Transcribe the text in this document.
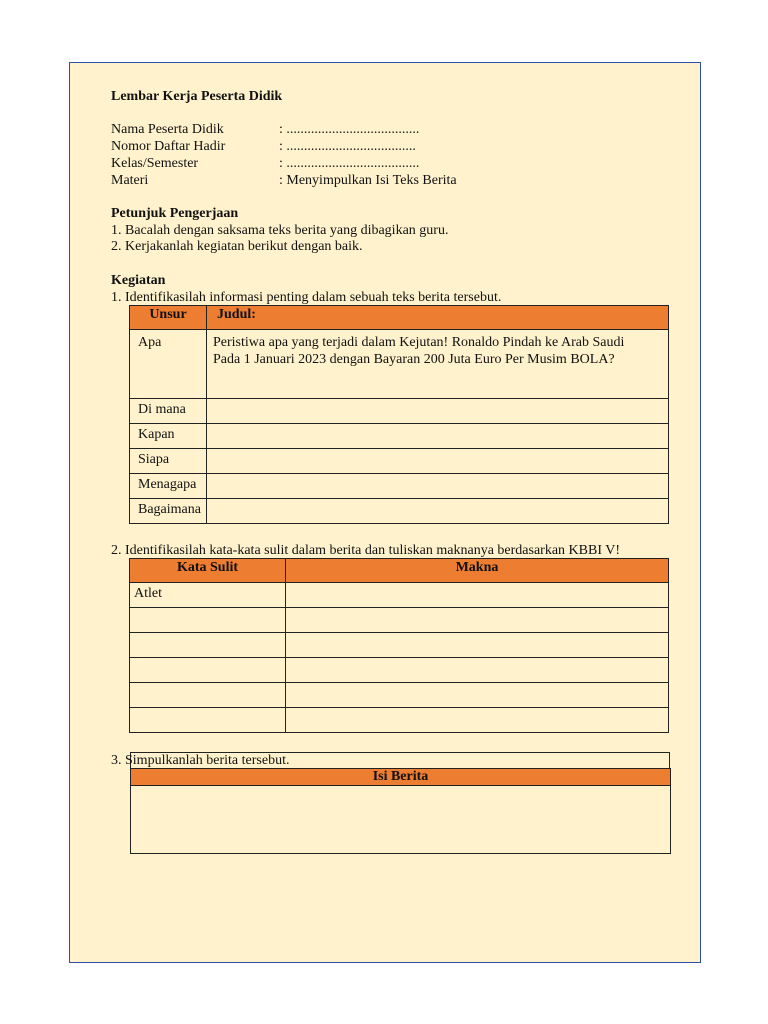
Lembar Kerja Peserta Didik
Nama Peserta Didik	: ......................................
Nomor Daftar Hadir	: .....................................
Kelas/Semester	: ......................................
Materi	: Menyimpulkan Isi Teks Berita
Petunjuk Pengerjaan
1. Bacalah dengan saksama teks berita yang dibagikan guru.
2. Kerjakanlah kegiatan berikut dengan baik.
Kegiatan
1. Identifikasilah informasi penting dalam sebuah teks berita tersebut.
Unsur	Judul:
Apa	Peristiwa apa yang terjadi dalam Kejutan! Ronaldo Pindah ke Arab Saudi Pada 1 Januari 2023 dengan Bayaran 200 Juta Euro Per Musim BOLA?
Di mana	
Kapan	
Siapa	
Menagapa	
Bagaimana	
2. Identifikasilah kata-kata sulit dalam berita dan tuliskan maknanya berdasarkan KBBI V!
Kata Sulit	Makna
Atlet	

3. Simpulkanlah berita tersebut.
Isi Berita
